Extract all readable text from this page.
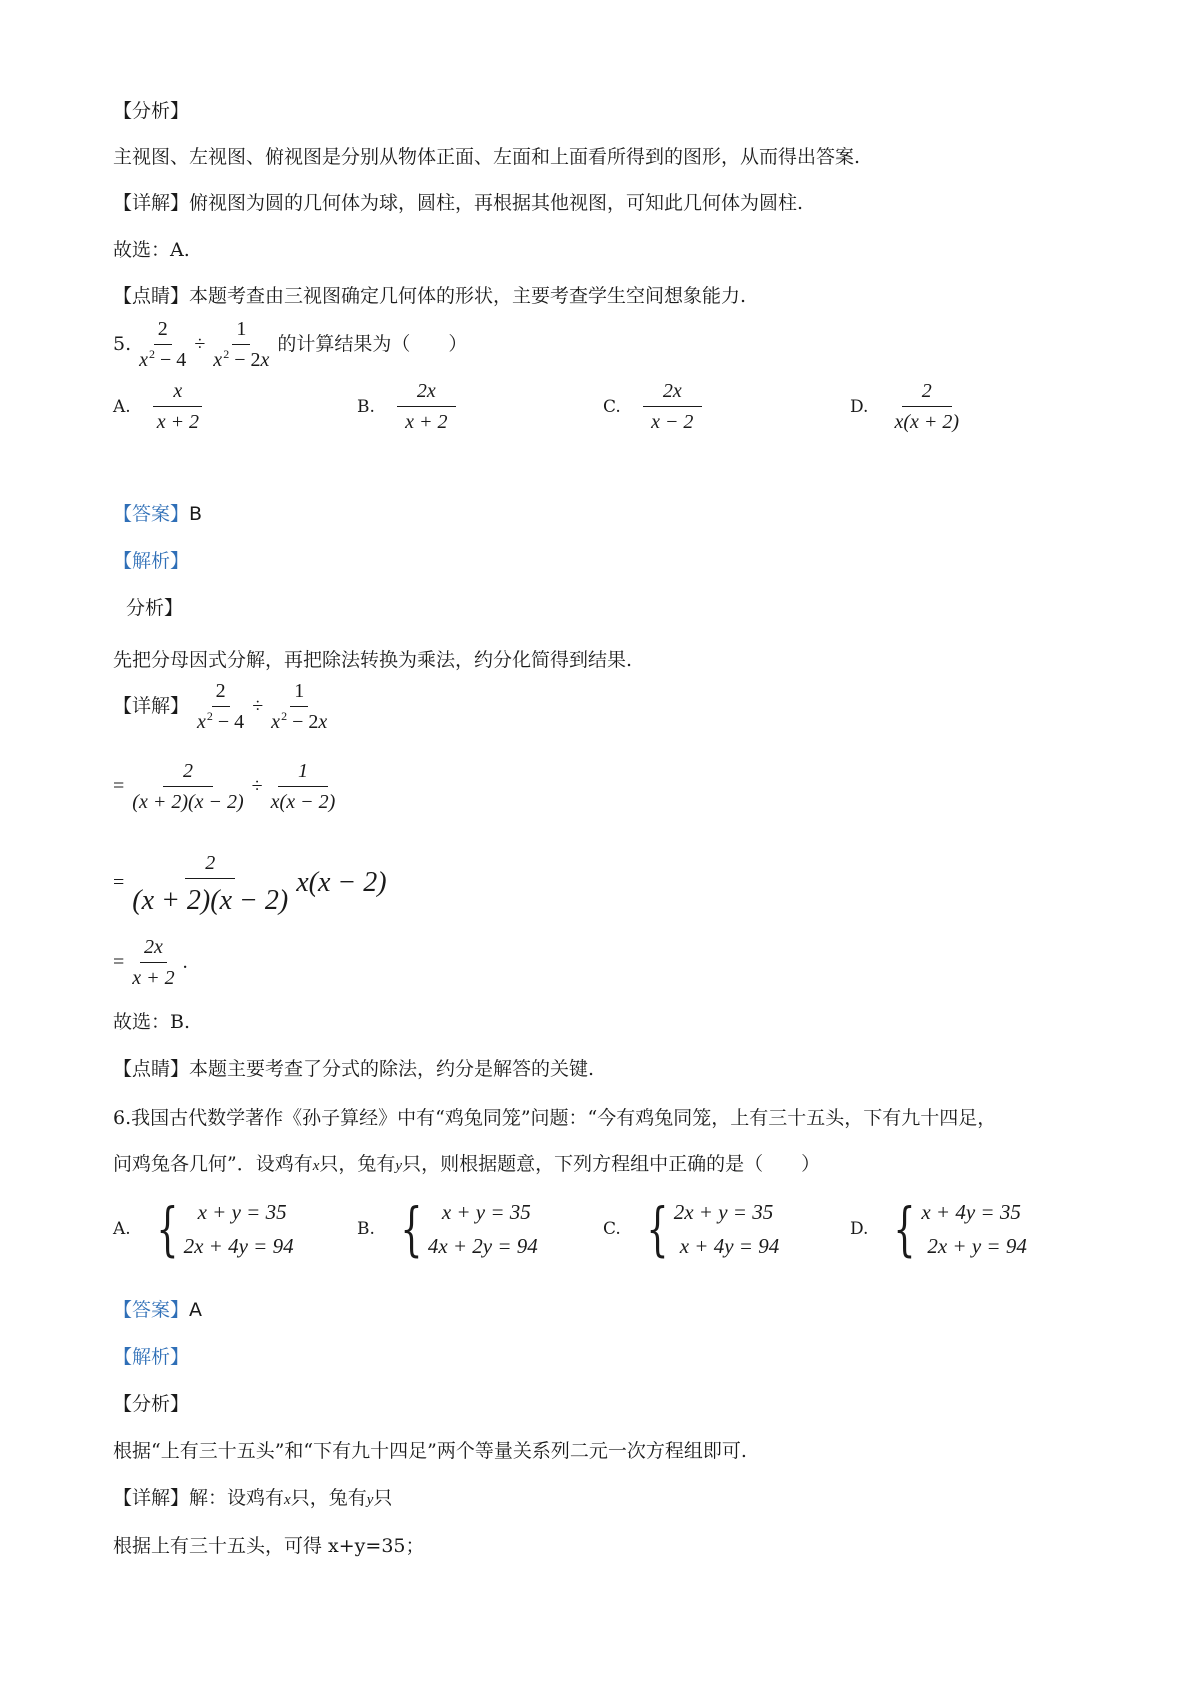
【分析】
主视图、左视图、俯视图是分别从物体正面、左面和上面看所得到的图形，从而得出答案.
【详解】俯视图为圆的几何体为球，圆柱，再根据其他视图，可知此几何体为圆柱.
故选：A.
【点睛】本题考查由三视图确定几何体的形状，主要考查学生空间想象能力.
5. $\frac{2}{x^2 - 4} \div \frac{1}{x^2 - 2x}$ 的计算结果为（　　）
A. $\frac{x}{x + 2}$	B. $\frac{2x}{x + 2}$	C. $\frac{2x}{x - 2}$	D. $\frac{2}{x(x + 2)}$
【答案】B
【解析】
分析】
先把分母因式分解，再把除法转换为乘法，约分化简得到结果.
【详解】 $\frac{2}{x^2 - 4} \div \frac{1}{x^2 - 2x}$
= $\frac{2}{(x + 2)(x - 2)} \div \frac{1}{x(x - 2)}$
= $\frac{2}{(x + 2)(x - 2)} x(x - 2)$
= $\frac{2x}{x + 2}$ .
故选：B.
【点睛】本题主要考查了分式的除法，约分是解答的关键.
6.我国古代数学著作《孙子算经》中有“鸡兔同笼”问题：“今有鸡兔同笼，上有三十五头，下有九十四足，
问鸡兔各几何”．设鸡有x只，兔有y只，则根据题意，下列方程组中正确的是（　　）
A. { x + y = 35
2x + 4y = 94
B. { x + y = 35
4x + 2y = 94
C. { 2x + y = 35
x + 4y = 94
D. { x + 4y = 35
2x + y = 94
【答案】A
【解析】
【分析】
根据“上有三十五头”和“下有九十四足”两个等量关系列二元一次方程组即可.
【详解】解：设鸡有x只，兔有y只
根据上有三十五头，可得 x+y=35；
